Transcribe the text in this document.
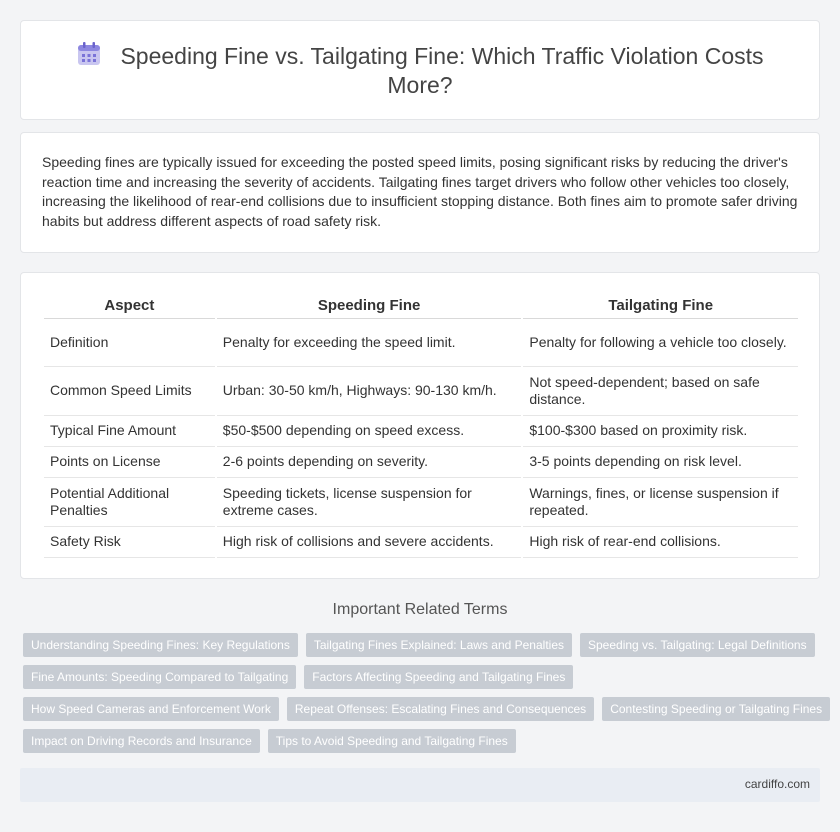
Speeding Fine vs. Tailgating Fine: Which Traffic Violation Costs More?

Speeding fines are typically issued for exceeding the posted speed limits, posing significant risks by reducing the driver's reaction time and increasing the severity of accidents. Tailgating fines target drivers who follow other vehicles too closely, increasing the likelihood of rear-end collisions due to insufficient stopping distance. Both fines aim to promote safer driving habits but address different aspects of road safety risk.

Aspect	Speeding Fine	Tailgating Fine
Definition	Penalty for exceeding the speed limit.	Penalty for following a vehicle too closely.
Common Speed Limits	Urban: 30-50 km/h, Highways: 90-130 km/h.	Not speed-dependent; based on safe distance.
Typical Fine Amount	$50-$500 depending on speed excess.	$100-$300 based on proximity risk.
Points on License	2-6 points depending on severity.	3-5 points depending on risk level.
Potential Additional Penalties	Speeding tickets, license suspension for extreme cases.	Warnings, fines, or license suspension if repeated.
Safety Risk	High risk of collisions and severe accidents.	High risk of rear-end collisions.
Important Related Terms
Understanding Speeding Fines: Key Regulations	Tailgating Fines Explained: Laws and Penalties	Speeding vs. Tailgating: Legal Definitions
Fine Amounts: Speeding Compared to Tailgating	Factors Affecting Speeding and Tailgating Fines
How Speed Cameras and Enforcement Work	Repeat Offenses: Escalating Fines and Consequences	Contesting Speeding or Tailgating Fines
Impact on Driving Records and Insurance	Tips to Avoid Speeding and Tailgating Fines
cardiffo.com
